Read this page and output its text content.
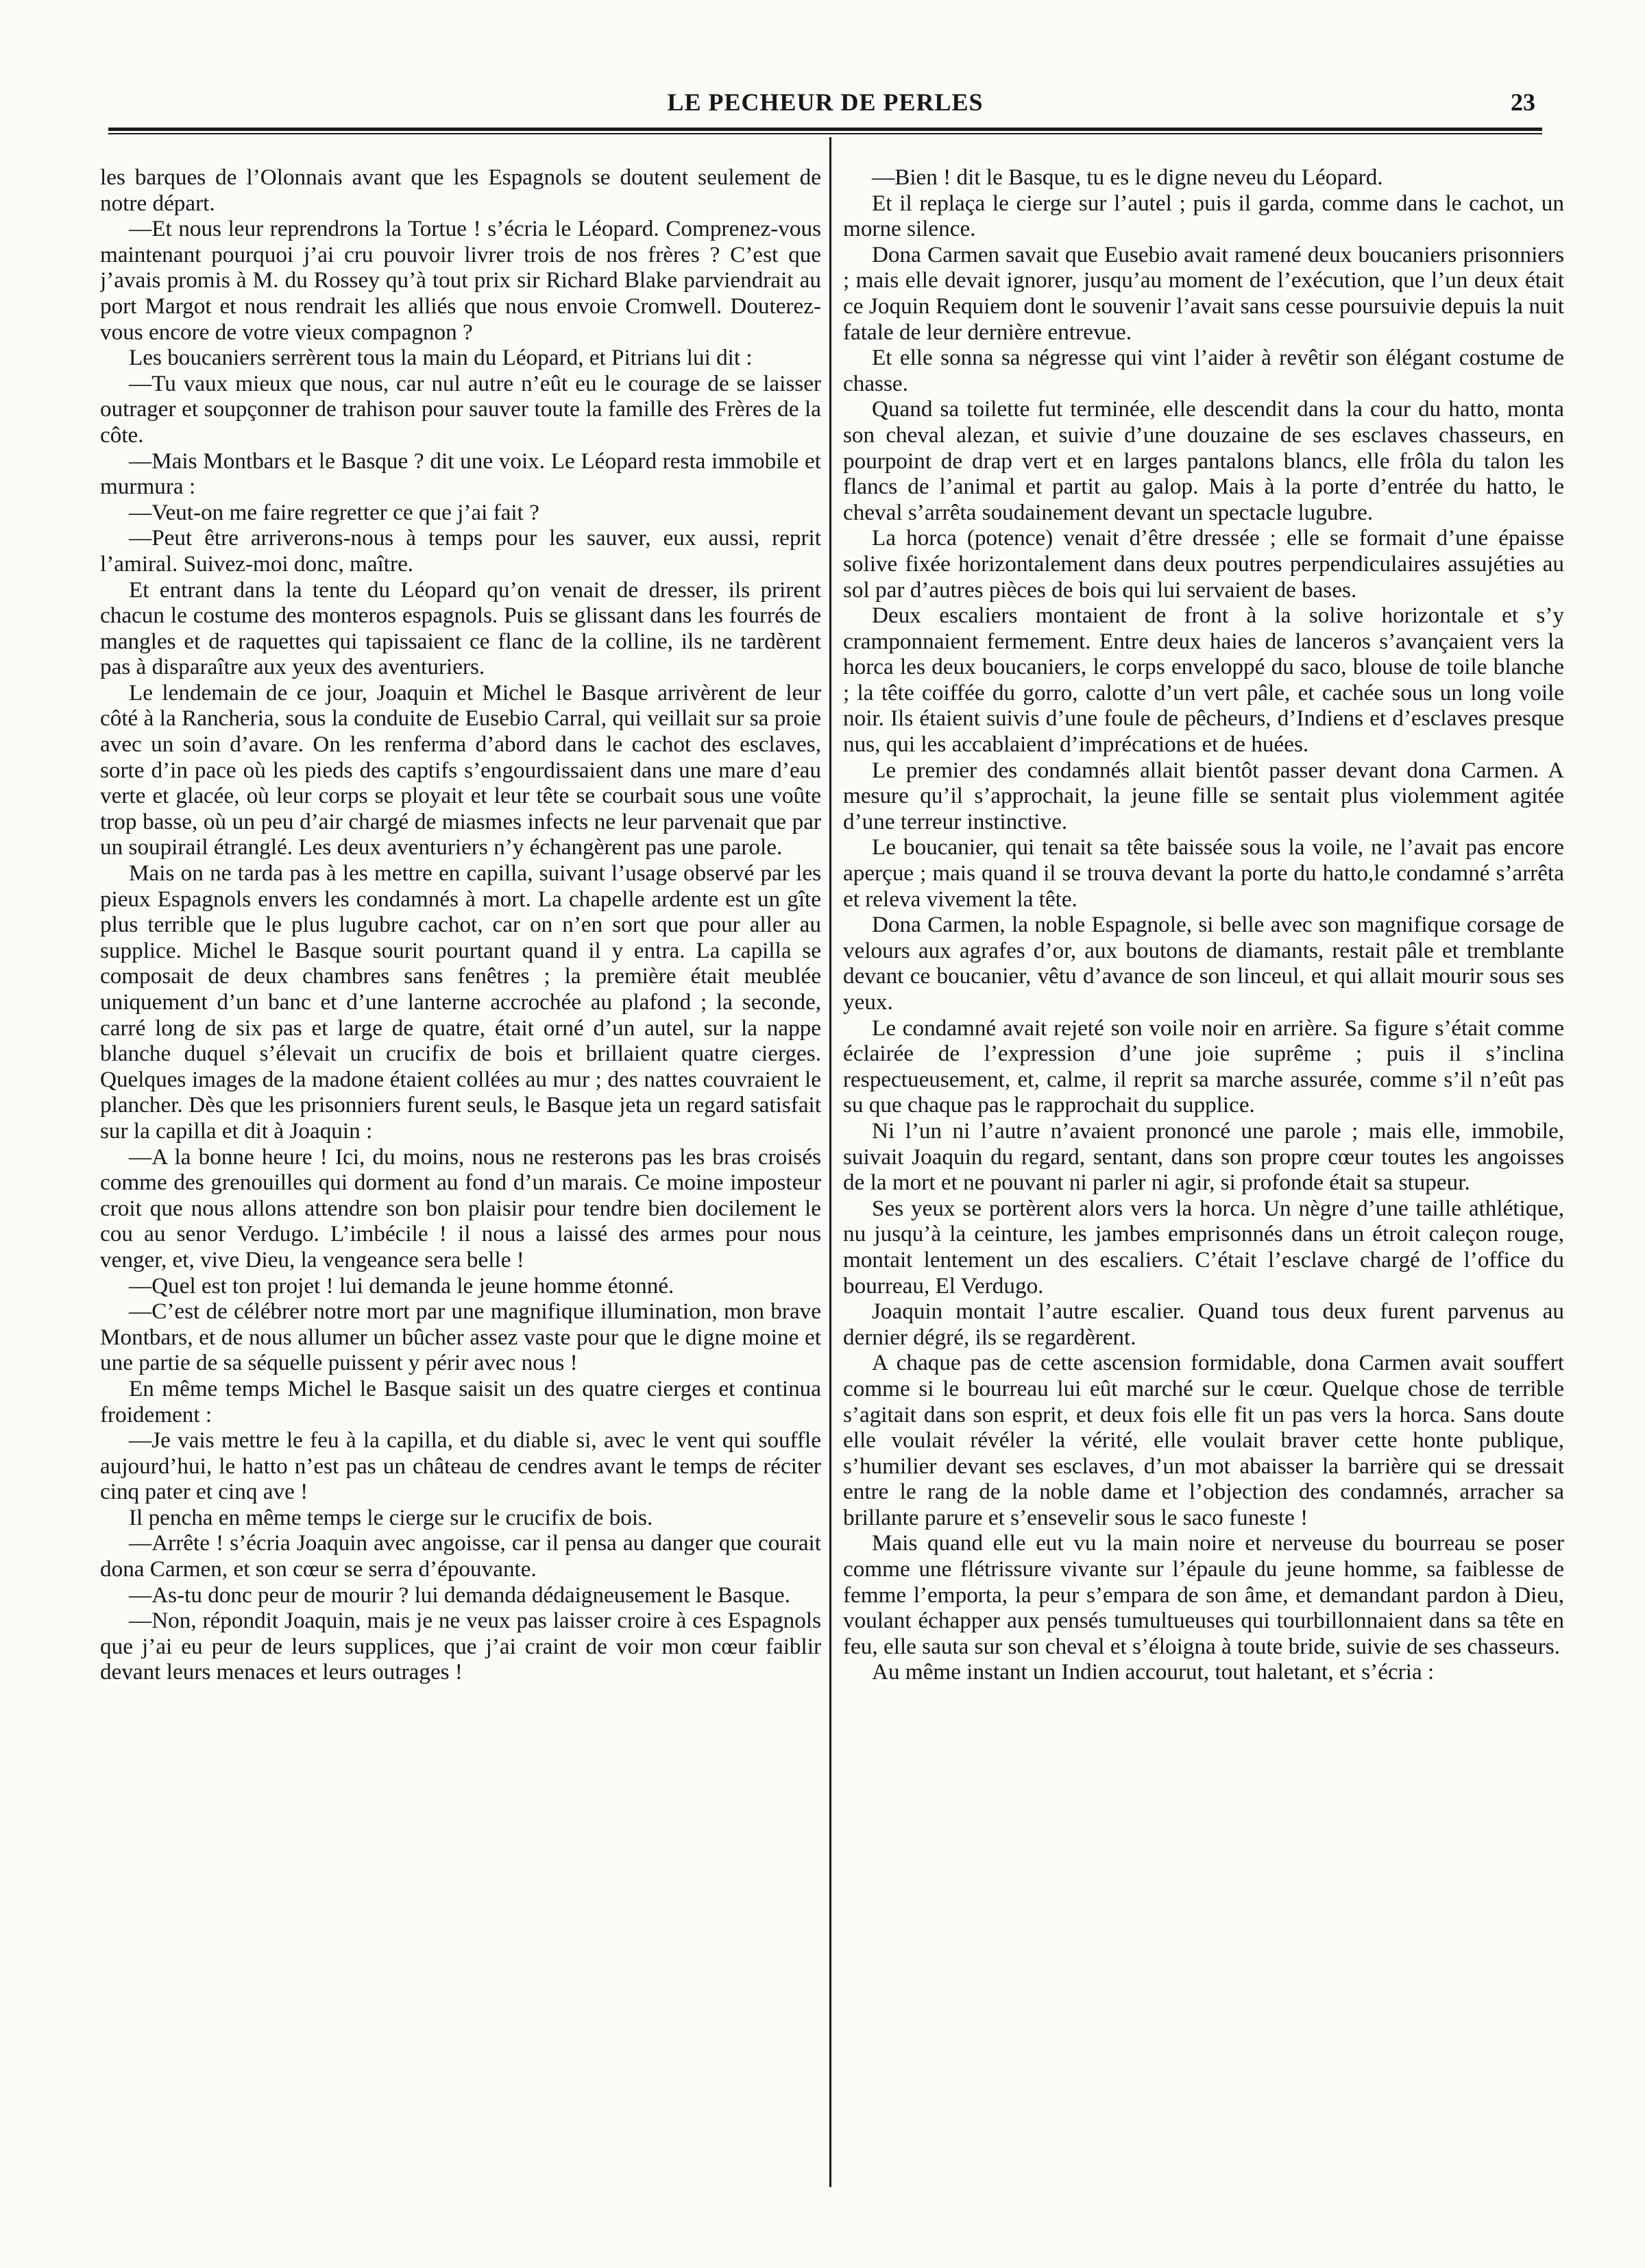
LE PECHEUR DE PERLES	23

les barques de l’Olonnais avant que les Espagnols se doutent seulement de notre départ.

—Et nous leur reprendrons la Tortue ! s’écria le Léopard. Comprenez-vous maintenant pourquoi j’ai cru pouvoir livrer trois de nos frères ? C’est que j’avais promis à M. du Rossey qu’à tout prix sir Richard Blake parviendrait au port Margot et nous rendrait les alliés que nous envoie Cromwell. Douterez-vous encore de votre vieux compagnon ?

Les boucaniers serrèrent tous la main du Léopard, et Pitrians lui dit :

—Tu vaux mieux que nous, car nul autre n’eût eu le courage de se laisser outrager et soupçonner de trahison pour sauver toute la famille des Frères de la côte.

—Mais Montbars et le Basque ? dit une voix. Le Léopard resta immobile et murmura :

—Veut-on me faire regretter ce que j’ai fait ?

—Peut être arriverons-nous à temps pour les sauver, eux aussi, reprit l’amiral. Suivez-moi donc, maître.

Et entrant dans la tente du Léopard qu’on venait de dresser, ils prirent chacun le costume des monteros espagnols. Puis se glissant dans les fourrés de mangles et de raquettes qui tapissaient ce flanc de la colline, ils ne tardèrent pas à disparaître aux yeux des aventuriers.

Le lendemain de ce jour, Joaquin et Michel le Basque arrivèrent de leur côté à la Rancheria, sous la conduite de Eusebio Carral, qui veillait sur sa proie avec un soin d’avare. On les renferma d’abord dans le cachot des esclaves, sorte d’in pace où les pieds des captifs s’engourdissaient dans une mare d’eau verte et glacée, où leur corps se ployait et leur tête se courbait sous une voûte trop basse, où un peu d’air chargé de miasmes infects ne leur parvenait que par un soupirail étranglé. Les deux aventuriers n’y échangèrent pas une parole.

Mais on ne tarda pas à les mettre en capilla, suivant l’usage observé par les pieux Espagnols envers les condamnés à mort. La chapelle ardente est un gîte plus terrible que le plus lugubre cachot, car on n’en sort que pour aller au supplice. Michel le Basque sourit pourtant quand il y entra. La capilla se composait de deux chambres sans fenêtres ; la première était meublée uniquement d’un banc et d’une lanterne accrochée au plafond ; la seconde, carré long de six pas et large de quatre, était orné d’un autel, sur la nappe blanche duquel s’élevait un crucifix de bois et brillaient quatre cierges. Quelques images de la madone étaient collées au mur ; des nattes couvraient le plancher. Dès que les prisonniers furent seuls, le Basque jeta un regard satisfait sur la capilla et dit à Joaquin :

—A la bonne heure ! Ici, du moins, nous ne resterons pas les bras croisés comme des grenouilles qui dorment au fond d’un marais. Ce moine imposteur croit que nous allons attendre son bon plaisir pour tendre bien docilement le cou au senor Verdugo. L’imbécile ! il nous a laissé des armes pour nous venger, et, vive Dieu, la vengeance sera belle !

—Quel est ton projet ! lui demanda le jeune homme étonné.

—C’est de célébrer notre mort par une magnifique illumination, mon brave Montbars, et de nous allumer un bûcher assez vaste pour que le digne moine et une partie de sa séquelle puissent y périr avec nous !

En même temps Michel le Basque saisit un des quatre cierges et continua froidement :

—Je vais mettre le feu à la capilla, et du diable si, avec le vent qui souffle aujourd’hui, le hatto n’est pas un château de cendres avant le temps de réciter cinq pater et cinq ave !

Il pencha en même temps le cierge sur le crucifix de bois.

—Arrête ! s’écria Joaquin avec angoisse, car il pensa au danger que courait dona Carmen, et son cœur se serra d’épouvante.

—As-tu donc peur de mourir ? lui demanda dédaigneusement le Basque.

—Non, répondit Joaquin, mais je ne veux pas laisser croire à ces Espagnols que j’ai eu peur de leurs supplices, que j’ai craint de voir mon cœur faiblir devant leurs menaces et leurs outrages !

—Bien ! dit le Basque, tu es le digne neveu du Léopard.

Et il replaça le cierge sur l’autel ; puis il garda, comme dans le cachot, un morne silence.

Dona Carmen savait que Eusebio avait ramené deux boucaniers prisonniers ; mais elle devait ignorer, jusqu’au moment de l’exécution, que l’un deux était ce Joquin Requiem dont le souvenir l’avait sans cesse poursuivie depuis la nuit fatale de leur dernière entrevue.

Et elle sonna sa négresse qui vint l’aider à revêtir son élégant costume de chasse.

Quand sa toilette fut terminée, elle descendit dans la cour du hatto, monta son cheval alezan, et suivie d’une douzaine de ses esclaves chasseurs, en pourpoint de drap vert et en larges pantalons blancs, elle frôla du talon les flancs de l’animal et partit au galop. Mais à la porte d’entrée du hatto, le cheval s’arrêta soudainement devant un spectacle lugubre.

La horca (potence) venait d’être dressée ; elle se formait d’une épaisse solive fixée horizontalement dans deux poutres perpendiculaires assujéties au sol par d’autres pièces de bois qui lui servaient de bases.

Deux escaliers montaient de front à la solive horizontale et s’y cramponnaient fermement. Entre deux haies de lanceros s’avançaient vers la horca les deux boucaniers, le corps enveloppé du saco, blouse de toile blanche ; la tête coiffée du gorro, calotte d’un vert pâle, et cachée sous un long voile noir. Ils étaient suivis d’une foule de pêcheurs, d’Indiens et d’esclaves presque nus, qui les accablaient d’imprécations et de huées.

Le premier des condamnés allait bientôt passer devant dona Carmen. A mesure qu’il s’approchait, la jeune fille se sentait plus violemment agitée d’une terreur instinctive.

Le boucanier, qui tenait sa tête baissée sous la voile, ne l’avait pas encore aperçue ; mais quand il se trouva devant la porte du hatto,le condamné s’arrêta et releva vivement la tête.

Dona Carmen, la noble Espagnole, si belle avec son magnifique corsage de velours aux agrafes d’or, aux boutons de diamants, restait pâle et tremblante devant ce boucanier, vêtu d’avance de son linceul, et qui allait mourir sous ses yeux.

Le condamné avait rejeté son voile noir en arrière. Sa figure s’était comme éclairée de l’expression d’une joie suprême ; puis il s’inclina respectueusement, et, calme, il reprit sa marche assurée, comme s’il n’eût pas su que chaque pas le rapprochait du supplice.

Ni l’un ni l’autre n’avaient prononcé une parole ; mais elle, immobile, suivait Joaquin du regard, sentant, dans son propre cœur toutes les angoisses de la mort et ne pouvant ni parler ni agir, si profonde était sa stupeur.

Ses yeux se portèrent alors vers la horca. Un nègre d’une taille athlétique, nu jusqu’à la ceinture, les jambes emprisonnés dans un étroit caleçon rouge, montait lentement un des escaliers. C’était l’esclave chargé de l’office du bourreau, El Verdugo.

Joaquin montait l’autre escalier. Quand tous deux furent parvenus au dernier dégré, ils se regardèrent.

A chaque pas de cette ascension formidable, dona Carmen avait souffert comme si le bourreau lui eût marché sur le cœur. Quelque chose de terrible s’agitait dans son esprit, et deux fois elle fit un pas vers la horca. Sans doute elle voulait révéler la vérité, elle voulait braver cette honte publique, s’humilier devant ses esclaves, d’un mot abaisser la barrière qui se dressait entre le rang de la noble dame et l’objection des condamnés, arracher sa brillante parure et s’ensevelir sous le saco funeste !

Mais quand elle eut vu la main noire et nerveuse du bourreau se poser comme une flétrissure vivante sur l’épaule du jeune homme, sa faiblesse de femme l’emporta, la peur s’empara de son âme, et demandant pardon à Dieu, voulant échapper aux pensés tumultueuses qui tourbillonnaient dans sa tête en feu, elle sauta sur son cheval et s’éloigna à toute bride, suivie de ses chasseurs.

Au même instant un Indien accourut, tout haletant, et s’écria :
